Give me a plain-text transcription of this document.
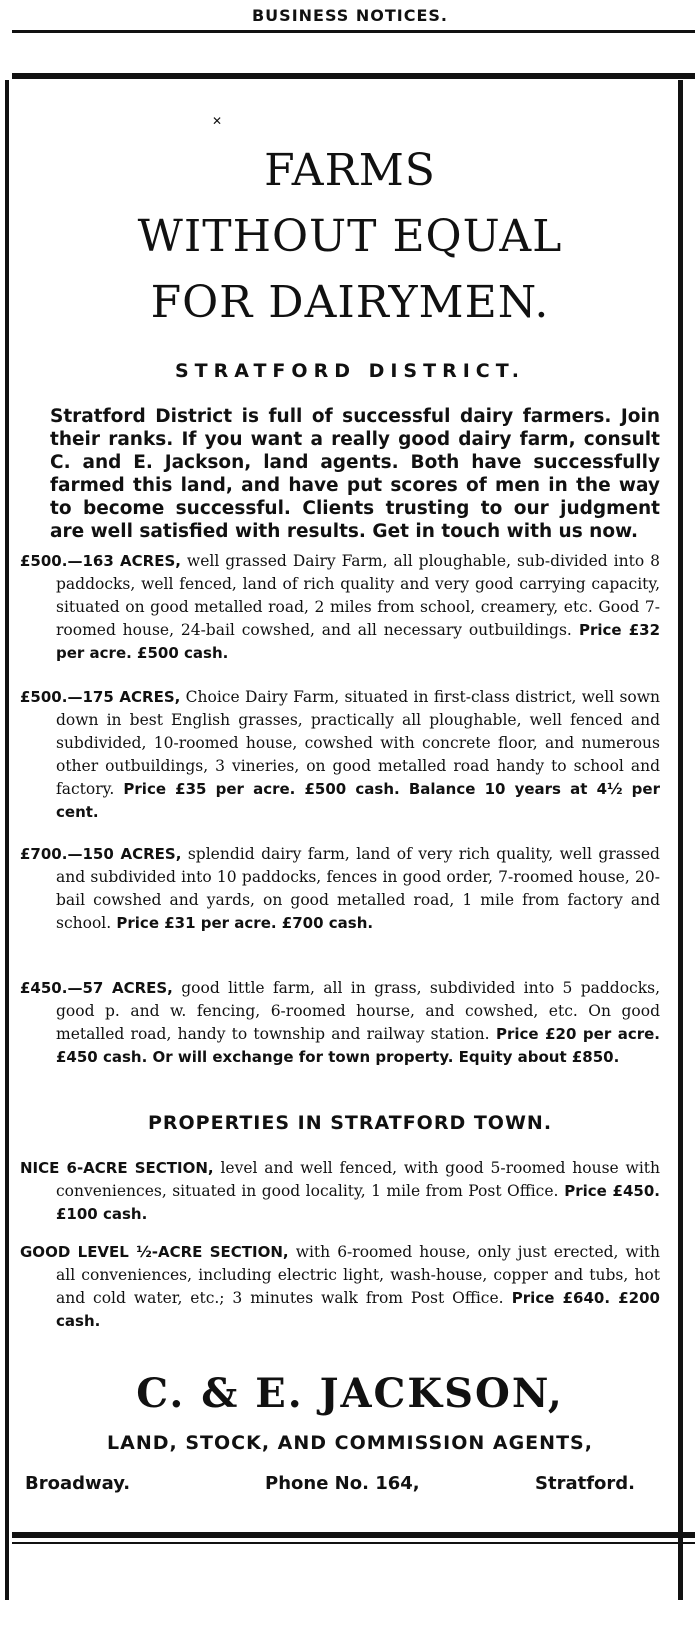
BUSINESS NOTICES.
✕
FARMS
WITHOUT EQUAL
FOR DAIRYMEN.
STRATFORD DISTRICT.
Stratford District is full of successful dairy farmers. Join their ranks. If you want a really good dairy farm, consult C. and E. Jackson, land agents. Both have successfully farmed this land, and have put scores of men in the way to become successful. Clients trusting to our judgment are well satisfied with results. Get in touch with us now.
£500.—163 ACRES, well grassed Dairy Farm, all ploughable, sub-divided into 8 paddocks, well fenced, land of rich quality and very good carrying capacity, situated on good metalled road, 2 miles from school, creamery, etc. Good 7-roomed house, 24-bail cowshed, and all necessary outbuildings. Price £32 per acre. £500 cash.
£500.—175 ACRES, Choice Dairy Farm, situated in first-class district, well sown down in best English grasses, practically all ploughable, well fenced and subdivided, 10-roomed house, cowshed with concrete floor, and numerous other outbuildings, 3 vineries, on good metalled road handy to school and factory. Price £35 per acre. £500 cash. Balance 10 years at 4½ per cent.
£700.—150 ACRES, splendid dairy farm, land of very rich quality, well grassed and subdivided into 10 paddocks, fences in good order, 7-roomed house, 20-bail cowshed and yards, on good metalled road, 1 mile from factory and school. Price £31 per acre. £700 cash.
£450.—57 ACRES, good little farm, all in grass, subdivided into 5 paddocks, good p. and w. fencing, 6-roomed hourse, and cowshed, etc. On good metalled road, handy to township and railway station. Price £20 per acre. £450 cash. Or will exchange for town property. Equity about £850.
PROPERTIES IN STRATFORD TOWN.
NICE 6-ACRE SECTION, level and well fenced, with good 5-roomed house with conveniences, situated in good locality, 1 mile from Post Office. Price £450. £100 cash.
GOOD LEVEL ½-ACRE SECTION, with 6-roomed house, only just erected, with all conveniences, including electric light, wash-house, copper and tubs, hot and cold water, etc.; 3 minutes walk from Post Office. Price £640. £200 cash.
C. & E. JACKSON,
LAND, STOCK, AND COMMISSION AGENTS,
Broadway.	Phone No. 164,	Stratford.
